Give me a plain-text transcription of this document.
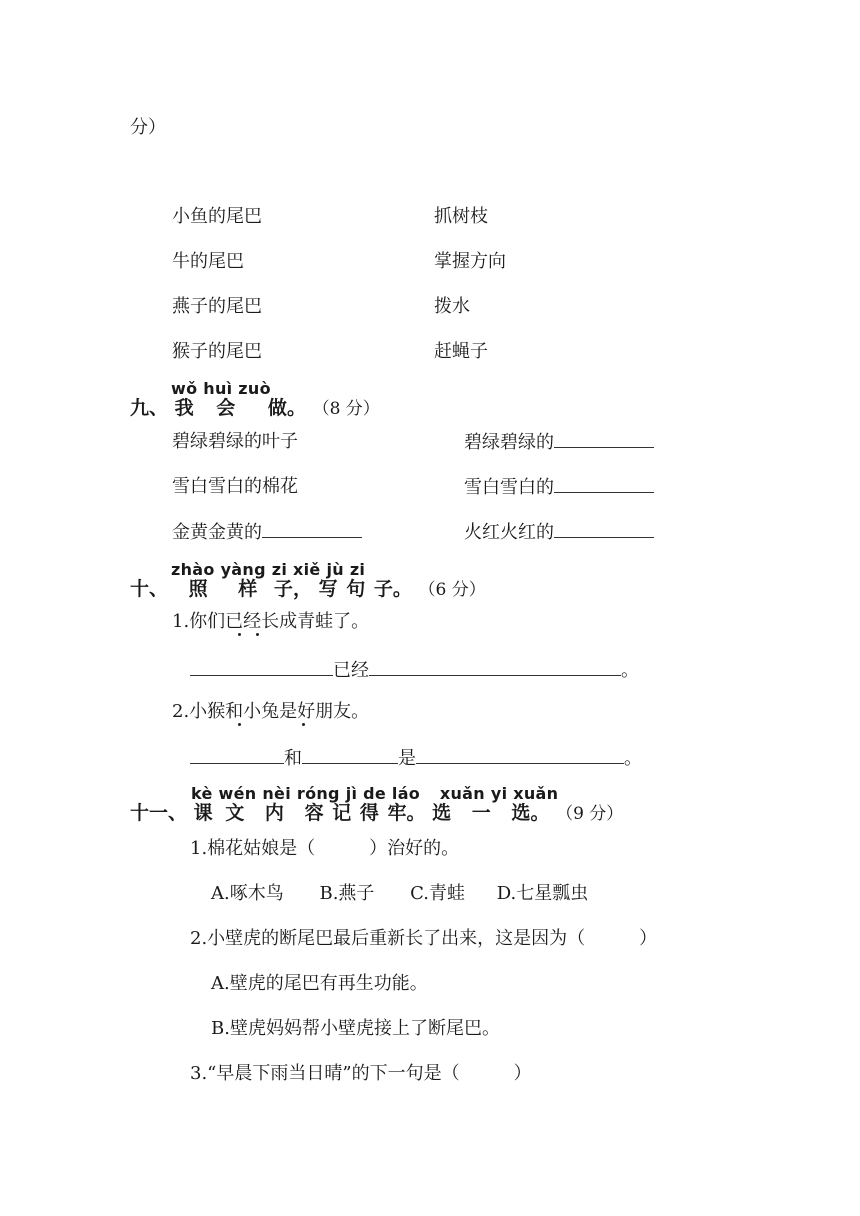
分）
小鱼的尾巴	抓树枝
牛的尾巴	掌握方向
燕子的尾巴	拨水
猴子的尾巴	赶蝇子
wǒ huì zuò
九、 我 会 做。 （8 分）
碧绿碧绿的叶子	碧绿碧绿的
雪白雪白的棉花	雪白雪白的
金黄金黄的	火红火红的
zhào yàng zi xiě jù zi
十、 照 样 子， 写 句 子。 （6 分）
1.你们已经长成青蛙了。
已经	。
2.小猴和小兔是好朋友。
和	是	。
kè wén nèi róng jì de láo xuǎn yi xuǎn
十一、 课 文 内 容 记 得 牢。 选 一 选。 （9 分）
1.棉花姑娘是（　　　）治好的。
A.啄木鸟 B.燕子 C.青蛙 D.七星瓢虫
2.小壁虎的断尾巴最后重新长了出来，这是因为（　　　）
A.壁虎的尾巴有再生功能。
B.壁虎妈妈帮小壁虎接上了断尾巴。
3.“早晨下雨当日晴”的下一句是（　　　）
